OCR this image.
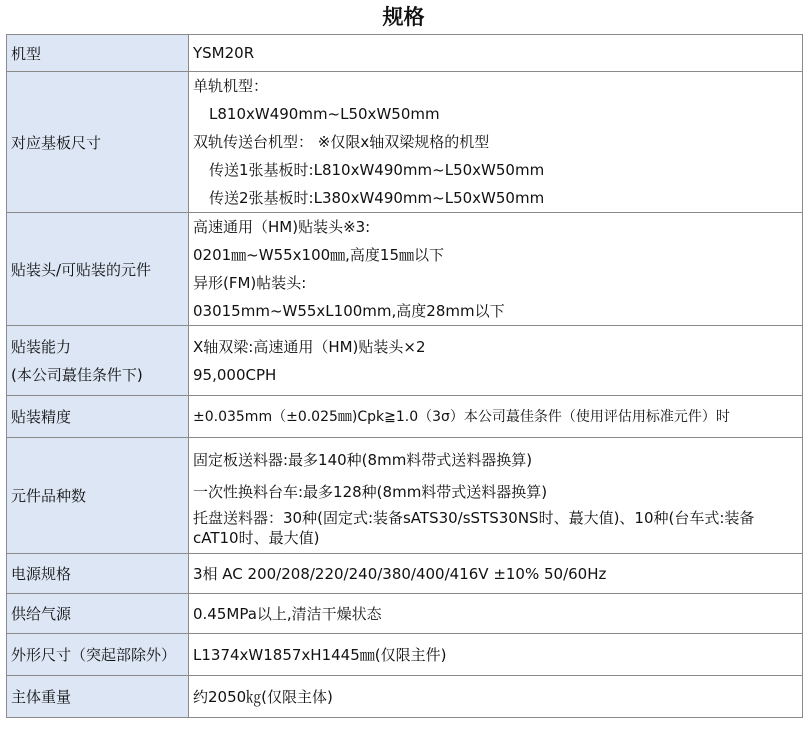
规格
机型	YSM20R

对应基板尺寸	单轨机型：
L810xW490mm~L50xW50mm
双轨传送台机型： ※仅限x轴双梁规格的机型
传送1张基板时:L810xW490mm~L50xW50mm
传送2张基板时:L380xW490mm~L50xW50mm

贴装头/可贴装的元件	高速通用（HM)贴装头※3:
0201㎜~W55x100㎜,高度15㎜以下
异形(FM)帖装头:
03015mm~W55xL100mm,高度28mm以下

贴装能力
(本公司蕞佳条件下)	X轴双梁:高速通用（HM)贴装头×2
95,000CPH

贴装精度	±0.035mm（±0.025㎜)Cpk≧1.0（3σ）本公司蕞佳条件（使用评估用标准元件）时

元件品种数	固定板送料器:最多140种(8mm料带式送料器换算)
一次性换料台车:最多128种(8mm料带式送料器换算)
托盘送料器：30种(固定式:装备sATS30/sSTS30NS时、蕞大值)、10种(台车式:装备cAT10时、最大值)

电源规格	3相 AC 200/208/220/240/380/400/416V ±10% 50/60Hz

供给气源	0.45MPa以上,清洁干燥状态

外形尺寸（突起部除外）	L1374xW1857xH1445㎜(仅限主件)

主体重量	约2050㎏(仅限主体)
